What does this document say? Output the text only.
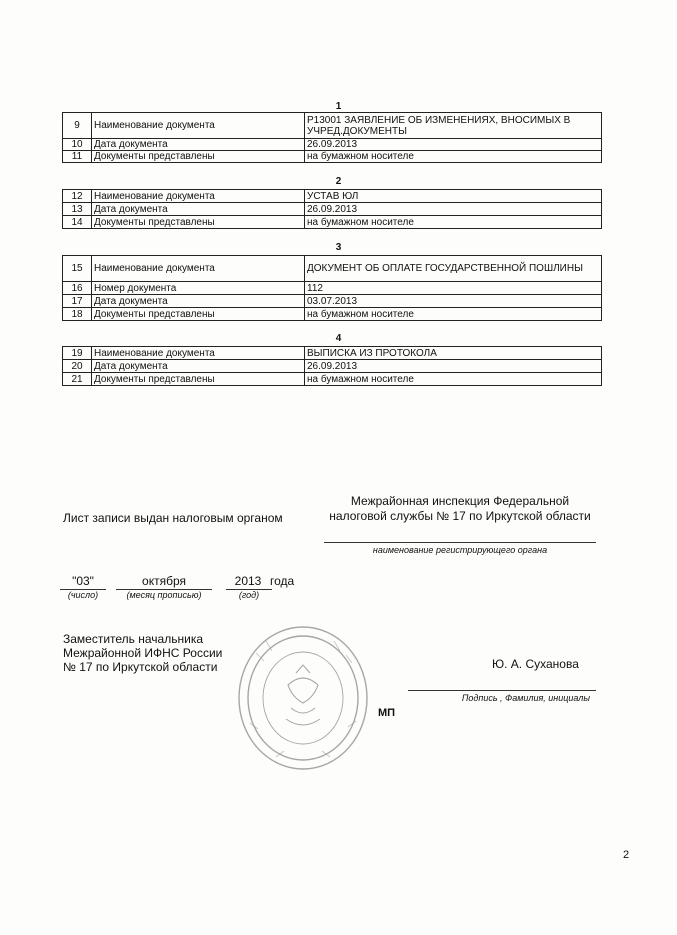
1
9	Наименование документа	Р13001 ЗАЯВЛЕНИЕ ОБ ИЗМЕНЕНИЯХ, ВНОСИМЫХ В УЧРЕД.ДОКУМЕНТЫ
10	Дата документа	26.09.2013
11	Документы представлены	на бумажном носителе
2
12	Наименование документа	УСТАВ ЮЛ
13	Дата документа	26.09.2013
14	Документы представлены	на бумажном носителе
3
15	Наименование документа	ДОКУМЕНТ ОБ ОПЛАТЕ ГОСУДАРСТВЕННОЙ ПОШЛИНЫ
16	Номер документа	112
17	Дата документа	03.07.2013
18	Документы представлены	на бумажном носителе
4
19	Наименование документа	ВЫПИСКА ИЗ ПРОТОКОЛА
20	Дата документа	26.09.2013
21	Документы представлены	на бумажном носителе
Лист записи выдан налоговым органом
Межрайонная инспекция Федеральной налоговой службы № 17 по Иркутской области
наименование регистрирующего органа
"03"
(число)
октября
(месяц прописью)
2013 года
(год)
Заместитель начальника Межрайонной ИФНС России № 17 по Иркутской области	Ю. А. Суханова
Подпись , Фамилия, инициалы
МП
2
